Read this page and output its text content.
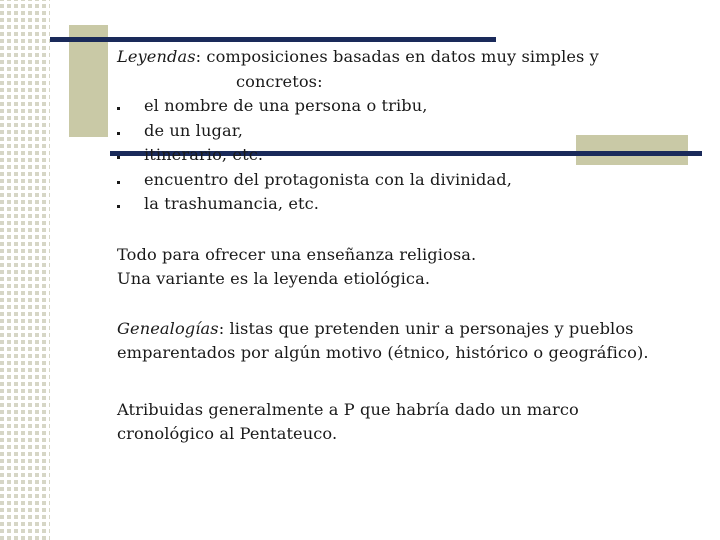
Leyendas: composiciones basadas en datos muy simples y

concretos:

el nombre de una persona o tribu,
de un lugar,
itinerario, etc.
encuentro del protagonista con la divinidad,
la trashumancia, etc.

Todo para ofrecer una enseñanza religiosa.

Una variante es la leyenda etiológica.

Genealogías: listas que pretenden unir a personajes y pueblos

emparentados por algún motivo (étnico, histórico o geográfico).

Atribuidas generalmente a P que habría dado un marco

cronológico al Pentateuco.
